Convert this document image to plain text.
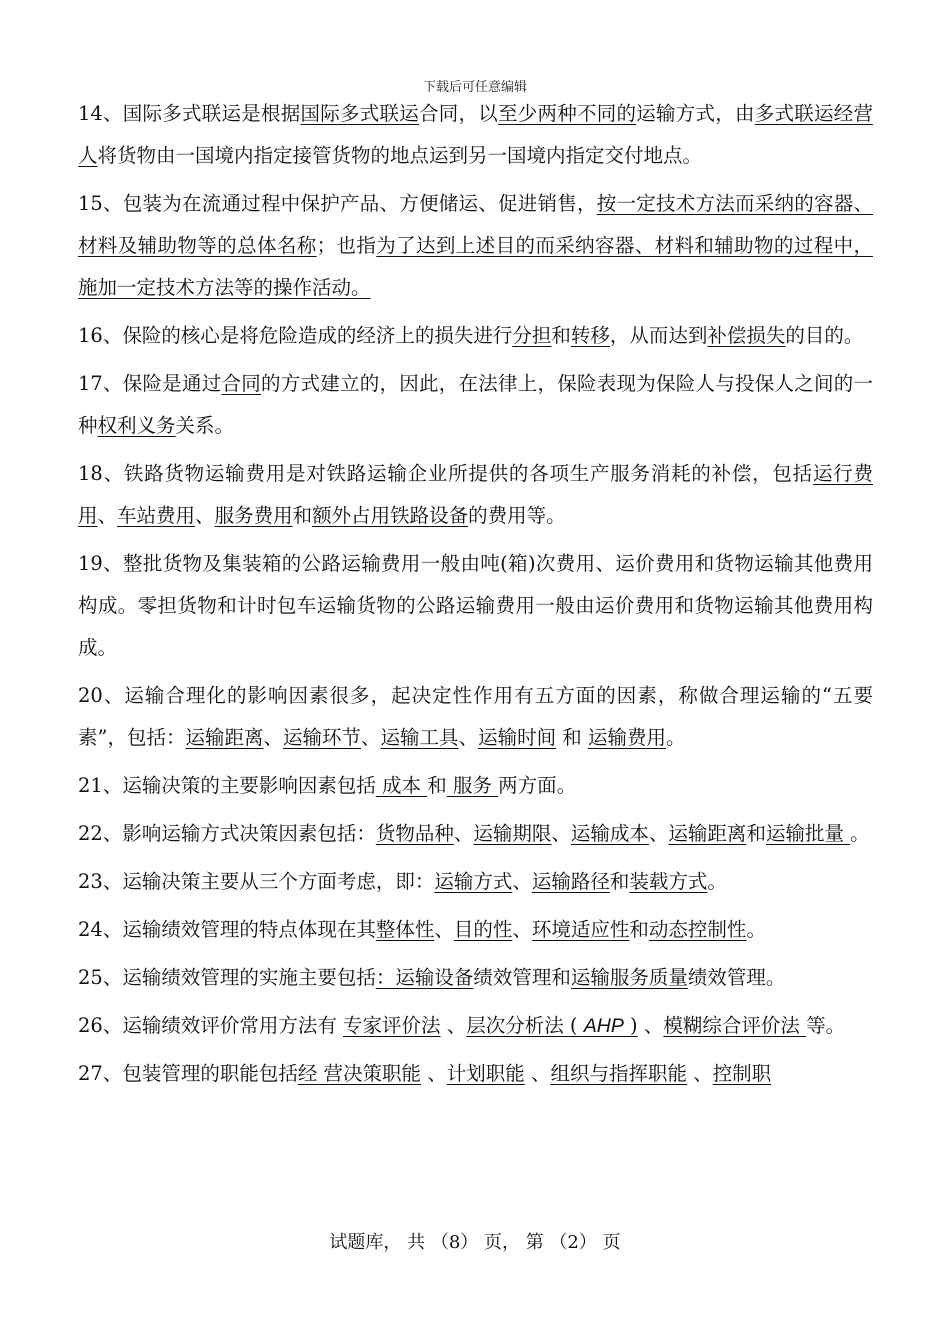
下载后可任意编辑

14、国际多式联运是根据国际多式联运合同，以至少两种不同的运输方式，由多式联运经营人将货物由一国境内指定接管货物的地点运到另一国境内指定交付地点。

15、包装为在流通过程中保护产品、方便储运、促进销售，按一定技术方法而采纳的容器、材料及辅助物等的总体名称；也指为了达到上述目的而采纳容器、材料和辅助物的过程中，施加一定技术方法等的操作活动。

16、保险的核心是将危险造成的经济上的损失进行分担和转移，从而达到补偿损失的目的。

17、保险是通过合同的方式建立的，因此，在法律上，保险表现为保险人与投保人之间的一种权利义务关系。

18、铁路货物运输费用是对铁路运输企业所提供的各项生产服务消耗的补偿，包括运行费用、车站费用、服务费用和额外占用铁路设备的费用等。

19、整批货物及集装箱的公路运输费用一般由吨(箱)次费用、运价费用和货物运输其他费用构成。零担货物和计时包车运输货物的公路运输费用一般由运价费用和货物运输其他费用构成。

20、运输合理化的影响因素很多，起决定性作用有五方面的因素，称做合理运输的“五要素”，包括：运输距离、运输环节、运输工具、运输时间 和 运输费用。

21、运输决策的主要影响因素包括 成本 和 服务 两方面。

22、影响运输方式决策因素包括：货物品种、运输期限、运输成本、运输距离和运输批量 。

23、运输决策主要从三个方面考虑，即：运输方式、运输路径和装载方式。

24、运输绩效管理的特点体现在其整体性、目的性、环境适应性和动态控制性。

25、运输绩效管理的实施主要包括：运输设备绩效管理和运输服务质量绩效管理。

26、运输绩效评价常用方法有 专家评价法 、层次分析法 ( AHP ) 、模糊综合评价法 等。

27、包装管理的职能包括经 营决策职能 、计划职能 、组织与指挥职能 、控制职

试题库， 共 （8） 页， 第 （2） 页
